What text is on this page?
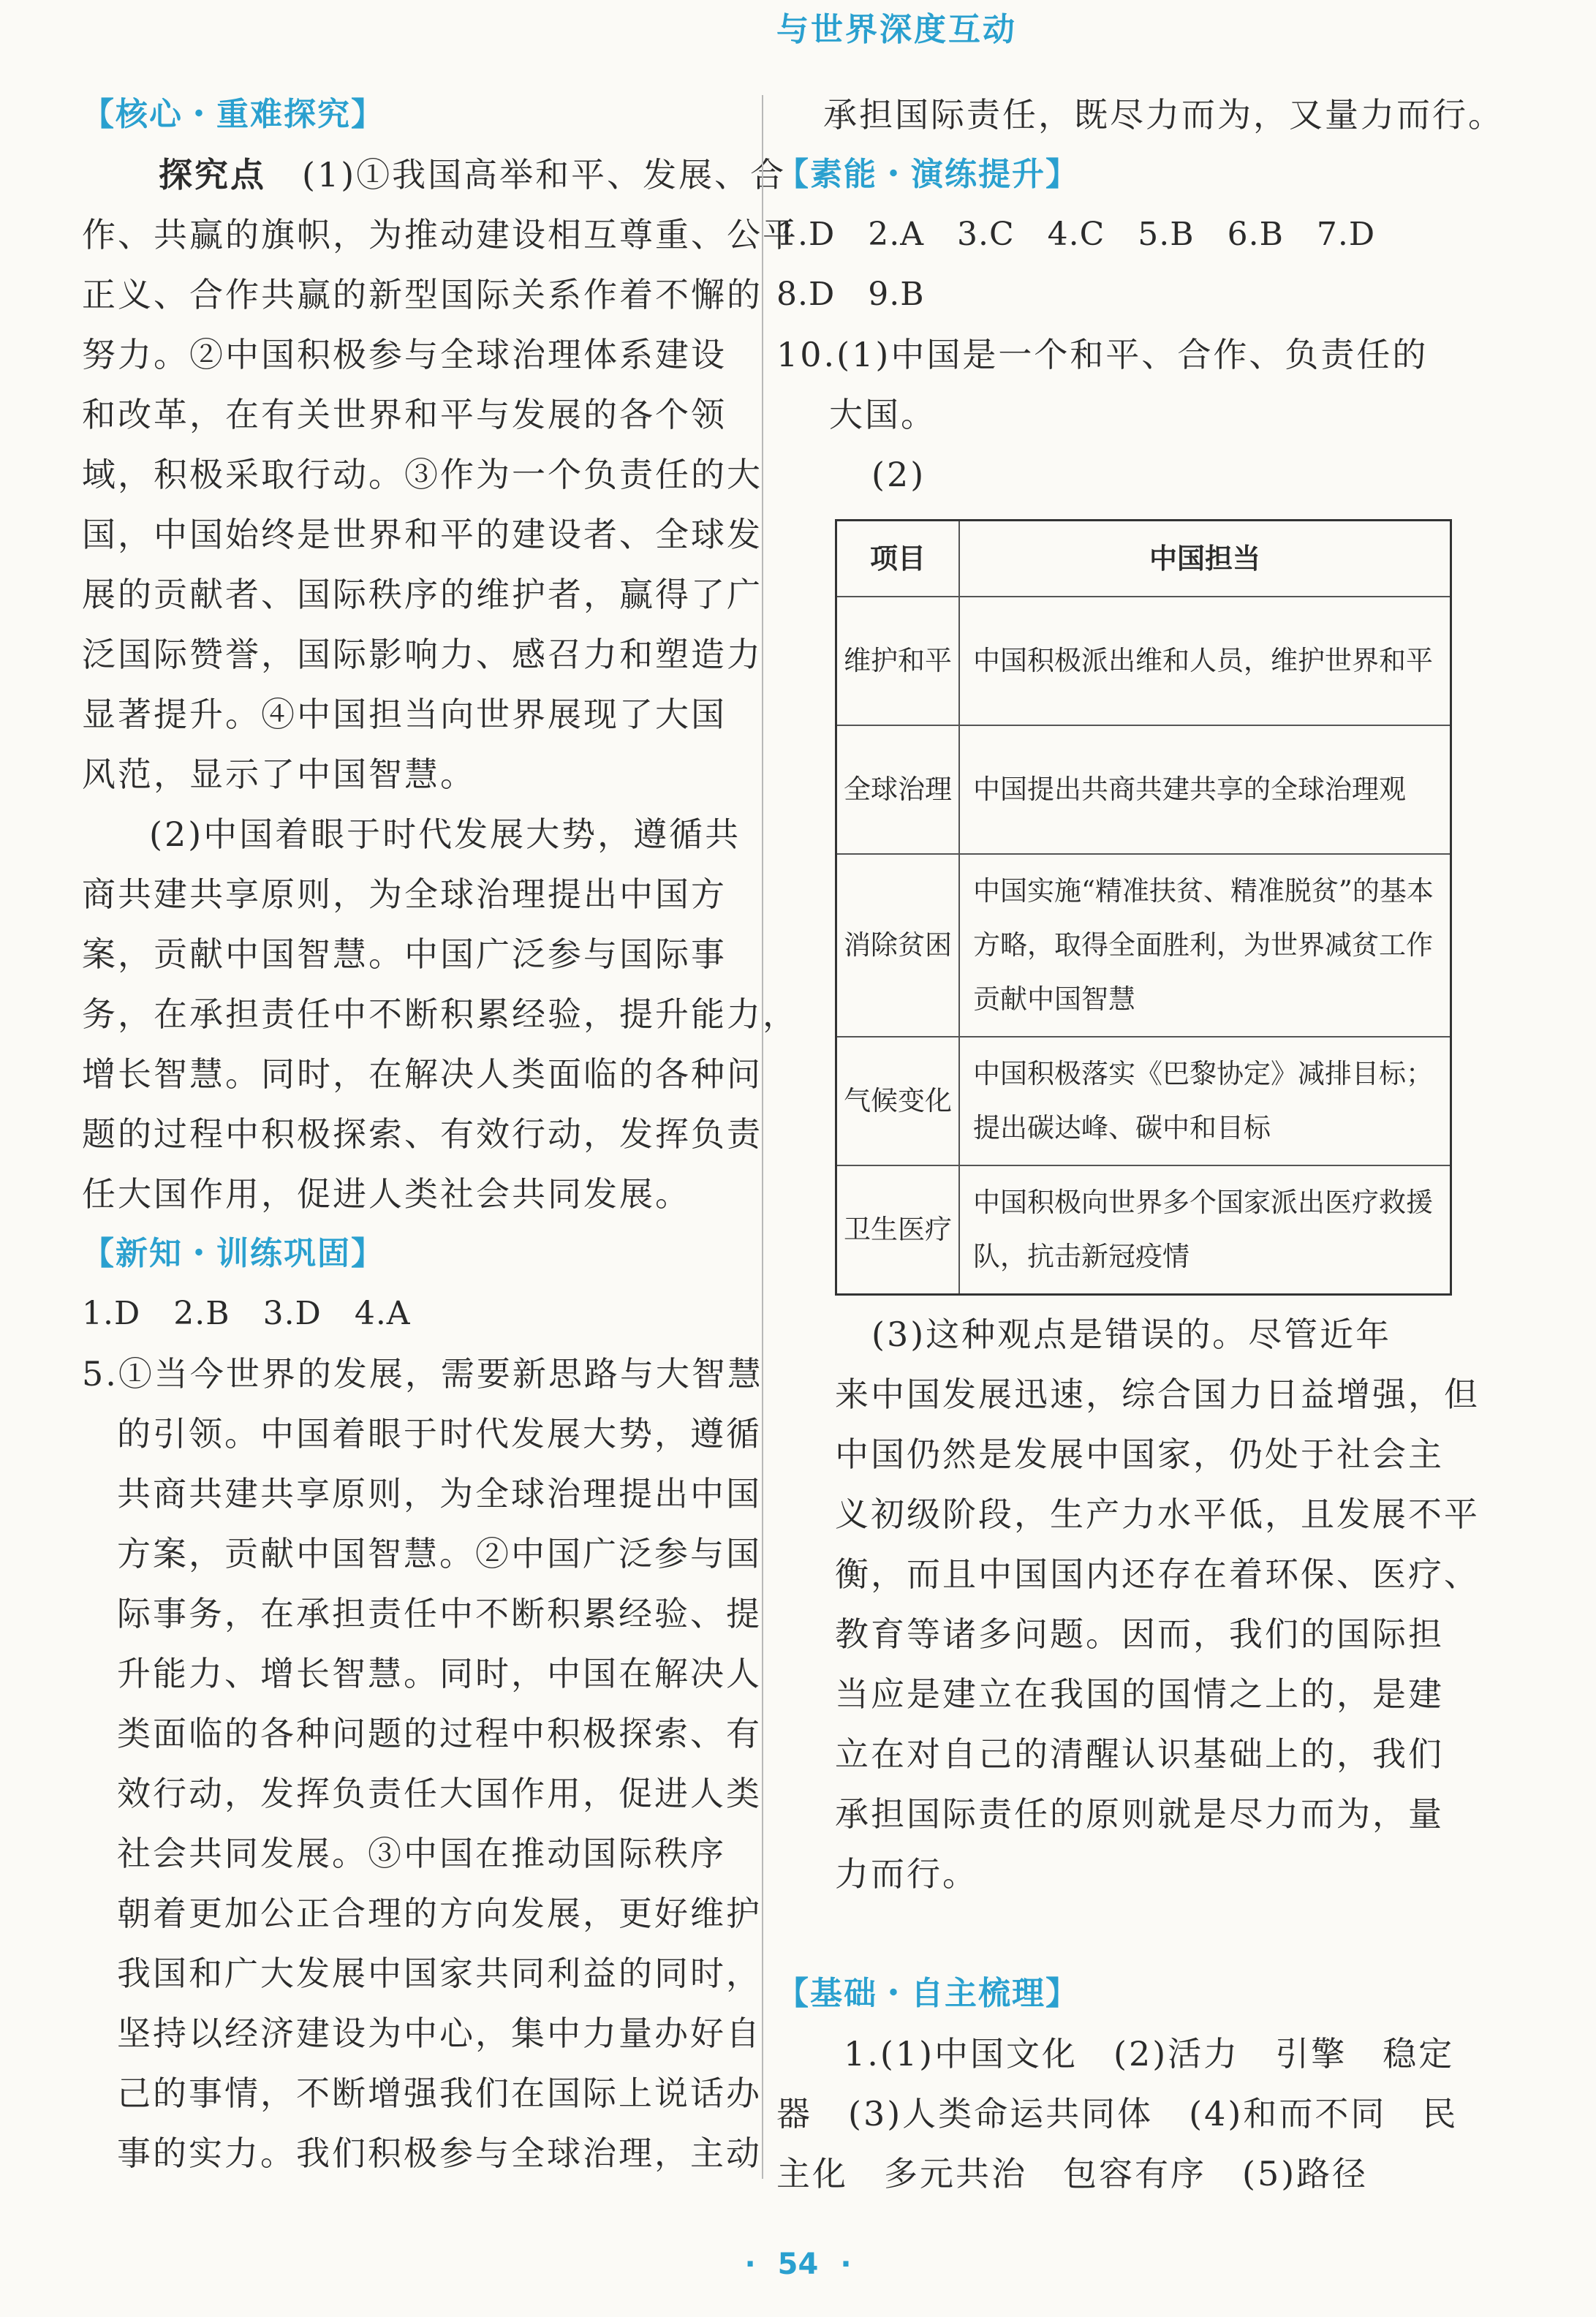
【核心・重难探究】
探究点　(1)①我国高举和平、发展、合
作、共赢的旗帜，为推动建设相互尊重、公平
正义、合作共赢的新型国际关系作着不懈的
努力。②中国积极参与全球治理体系建设
和改革，在有关世界和平与发展的各个领
域，积极采取行动。③作为一个负责任的大
国，中国始终是世界和平的建设者、全球发
展的贡献者、国际秩序的维护者，赢得了广
泛国际赞誉，国际影响力、感召力和塑造力
显著提升。④中国担当向世界展现了大国
风范，显示了中国智慧。
(2)中国着眼于时代发展大势，遵循共
商共建共享原则，为全球治理提出中国方
案，贡献中国智慧。中国广泛参与国际事
务，在承担责任中不断积累经验，提升能力，
增长智慧。同时，在解决人类面临的各种问
题的过程中积极探索、有效行动，发挥负责
任大国作用，促进人类社会共同发展。
【新知・训练巩固】
1.D　2.B　3.D　4.A
5.①当今世界的发展，需要新思路与大智慧
的引领。中国着眼于时代发展大势，遵循
共商共建共享原则，为全球治理提出中国
方案，贡献中国智慧。②中国广泛参与国
际事务，在承担责任中不断积累经验、提
升能力、增长智慧。同时，中国在解决人
类面临的各种问题的过程中积极探索、有
效行动，发挥负责任大国作用，促进人类
社会共同发展。③中国在推动国际秩序
朝着更加公正合理的方向发展，更好维护
我国和广大发展中国家共同利益的同时，
坚持以经济建设为中心，集中力量办好自
己的事情，不断增强我们在国际上说话办
事的实力。我们积极参与全球治理，主动
承担国际责任，既尽力而为，又量力而行。
【素能・演练提升】
1.D　2.A　3.C　4.C　5.B　6.B　7.D
8.D　9.B
10.(1)中国是一个和平、合作、负责任的
大国。
(2)
项目	中国担当
维护和平	中国积极派出维和人员，维护世界和平
全球治理	中国提出共商共建共享的全球治理观
消除贫困	中国实施“精准扶贫、精准脱贫”的基本方略，取得全面胜利，为世界减贫工作贡献中国智慧
气候变化	中国积极落实《巴黎协定》减排目标；提出碳达峰、碳中和目标
卫生医疗	中国积极向世界多个国家派出医疗救援队，抗击新冠疫情
(3)这种观点是错误的。尽管近年
来中国发展迅速，综合国力日益增强，但
中国仍然是发展中国家，仍处于社会主
义初级阶段，生产力水平低，且发展不平
衡，而且中国国内还存在着环保、医疗、
教育等诸多问题。因而，我们的国际担
当应是建立在我国的国情之上的，是建
立在对自己的清醒认识基础上的，我们
承担国际责任的原则就是尽力而为，量
力而行。
与世界深度互动
【基础・自主梳理】
1.(1)中国文化　(2)活力　引擎　稳定
器　(3)人类命运共同体　(4)和而不同　民
主化　多元共治　包容有序　(5)路径
· 54 ·
